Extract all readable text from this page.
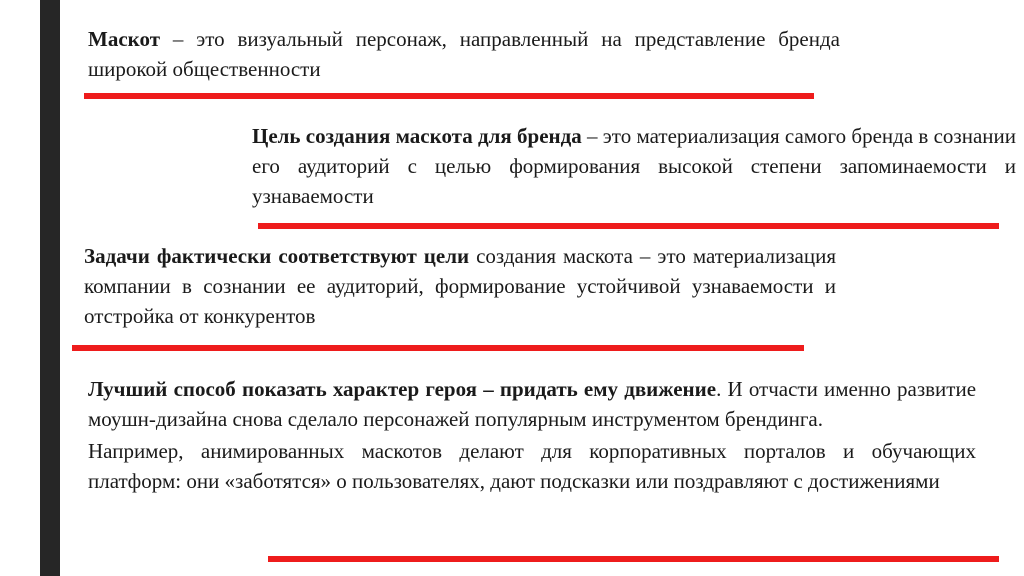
Маскот – это визуальный персонаж, направленный на представление бренда широкой общественности

Цель создания маскота для бренда – это материализация самого бренда в сознании его аудиторий с целью формирования высокой степени запоминаемости и узнаваемости

Задачи фактически соответствуют цели создания маскота – это материализация компании в сознании ее аудиторий, формирование устойчивой узнаваемости и отстройка от конкурентов

Лучший способ показать характер героя – придать ему движение. И отчасти именно развитие моушн-дизайна снова сделало персонажей популярным инструментом брендинга.

Например, анимированных маскотов делают для корпоративных порталов и обучающих платформ: они «заботятся» о пользователях, дают подсказки или поздравляют с достижениями
